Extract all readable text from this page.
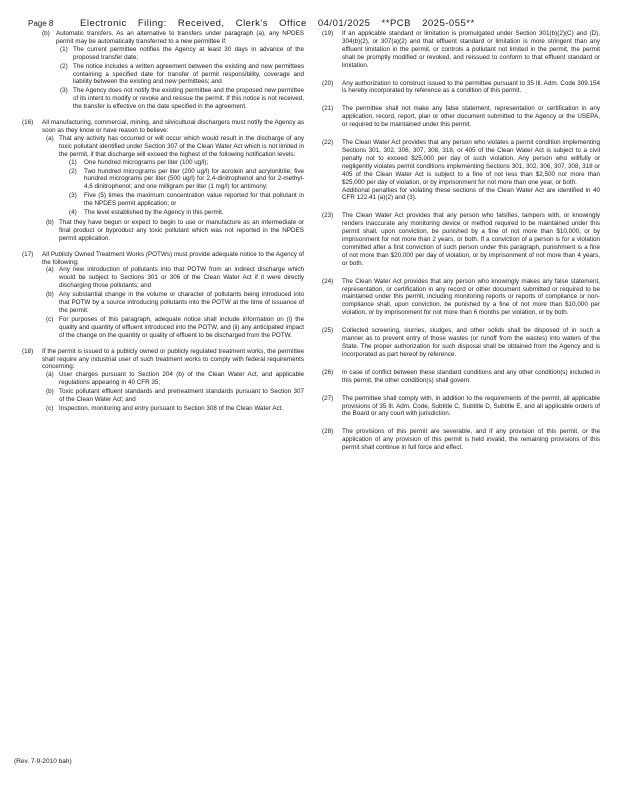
Page 8	Electronic Filing: Received, Clerk's Office 04/01/2025 **PCB 2025-055**
(b) Automatic transfers. As an alternative to transfers under paragraph (a), any NPDES permit may be automatically transferred to a new permittee if:
(1) The current permittee notifies the Agency at least 30 days in advance of the proposed transfer date;
(2) The notice includes a written agreement between the existing and new permittees containing a specified date for transfer of permit responsibility, coverage and liability between the existing and new permittees; and
(3) The Agency does not notify the existing permittee and the proposed new permittee of its intent to modify or revoke and reissue the permit. If this notice is not received, the transfer is effective on the date specified in the agreement.
(16)	All manufacturing, commercial, mining, and silvicultural dischargers must notify the Agency as soon as they know or have reason to believe:
(a) That any activity has occurred or will occur which would result in the discharge of any toxic pollutant identified under Section 307 of the Clean Water Act which is not limited in the permit, if that discharge will exceed the highest of the following notification levels:
(1)	One hundred micrograms per liter (100 ug/l);
(2)	Two hundred micrograms per liter (200 ug/l) for acrolein and acrylonitrile; five hundred micrograms per liter (500 ug/l) for 2,4-dinitrophenol and for 2-methyl-4,6 dinitrophenol; and one milligram per liter (1 mg/l) for antimony;
(3)	Five (5) times the maximum concentration value reported for that pollutant in the NPDES permit application; or
(4)	The level established by the Agency in this permit.
(b) That they have begun or expect to begin to use or manufacture as an intermediate or final product or byproduct any toxic pollutant which was not reported in the NPDES permit application.
(17)	All Publicly Owned Treatment Works (POTWs) must provide adequate notice to the Agency of the following:
(a) Any new introduction of pollutants into that POTW from an indirect discharge which would be subject to Sections 301 or 306 of the Clean Water Act if it were directly discharging those pollutants; and
(b) Any substantial change in the volume or character of pollutants being introduced into that POTW by a source introducing pollutants into the POTW at the time of issuance of the permit.
(c) For purposes of this paragraph, adequate notice shall include information on (i) the quality and quantity of effluent introduced into the POTW, and (ii) any anticipated impact of the change on the quantity or quality of effluent to be discharged from the POTW.
(18)	If the permit is issued to a publicly owned or publicly regulated treatment works, the permittee shall require any industrial user of such treatment works to comply with federal requirements concerning:
(a) User charges pursuant to Section 204 (b) of the Clean Water Act, and applicable regulations appearing in 40 CFR 35;
(b) Toxic pollutant effluent standards and pretreatment standards pursuant to Section 307 of the Clean Water Act; and
(c) Inspection, monitoring and entry pursuant to Section 308 of the Clean Water Act.
(19)	If an applicable standard or limitation is promulgated under Section 301(b)(2)(C) and (D), 304(b)(2), or 307(a)(2) and that effluent standard or limitation is more stringent than any effluent limitation in the permit, or controls a pollutant not limited in the permit, the permit shall be promptly modified or revoked, and reissued to conform to that effluent standard or limitation.
(20)	Any authorization to construct issued to the permittee pursuant to 35 Ill. Adm. Code 309.154 is hereby incorporated by reference as a condition of this permit.
(21)	The permittee shall not make any false statement, representation or certification in any application, record, report, plan or other document submitted to the Agency or the USEPA, or required to be maintained under this permit.
(22)	The Clean Water Act provides that any person who violates a permit condition implementing Sections 301, 302, 306, 307, 308, 318, or 405 of the Clean Water Act is subject to a civil penalty not to exceed $25,000 per day of such violation. Any person who willfully or negligently violates permit conditions implementing Sections 301, 302, 306, 307, 308, 318 or 405 of the Clean Water Act is subject to a fine of not less than $2,500 nor more than $25,000 per day of violation, or by imprisonment for not more than one year, or both.
Additional penalties for violating these sections of the Clean Water Act are identified in 40 CFR 122.41 (a)(2) and (3).
(23)	The Clean Water Act provides that any person who falsifies, tampers with, or knowingly renders inaccurate any monitoring device or method required to be maintained under this permit shall, upon conviction, be punished by a fine of not more than $10,000, or by imprisonment for not more than 2 years, or both. If a conviction of a person is for a violation committed after a first conviction of such person under this paragraph, punishment is a fine of not more than $20,000 per day of violation, or by imprisonment of not more than 4 years, or both.
(24)	The Clean Water Act provides that any person who knowingly makes any false statement, representation, or certification in any record or other document submitted or required to be maintained under this permit, including monitoring reports or reports of compliance or non-compliance shall, upon conviction, be punished by a fine of not more than $10,000 per violation, or by imprisonment for not more than 6 months per violation, or by both.
(25)	Collected screening, slurries, sludges, and other solids shall be disposed of in such a manner as to prevent entry of those wastes (or runoff from the wastes) into waters of the State. The proper authorization for such disposal shall be obtained from the Agency and is incorporated as part hereof by reference.
(26)	In case of conflict between these standard conditions and any other condition(s) included in this permit, the other condition(s) shall govern.
(27)	The permittee shall comply with, in addition to the requirements of the permit, all applicable provisions of 35 Ill. Adm. Code, Subtitle C, Subtitle D, Subtitle E, and all applicable orders of the Board or any court with jurisdiction.
(28)	The provisions of this permit are severable, and if any provision of this permit, or the application of any provision of this permit is held invalid, the remaining provisions of this permit shall continue in full force and effect.
(Rev. 7-9-2010 bah)
